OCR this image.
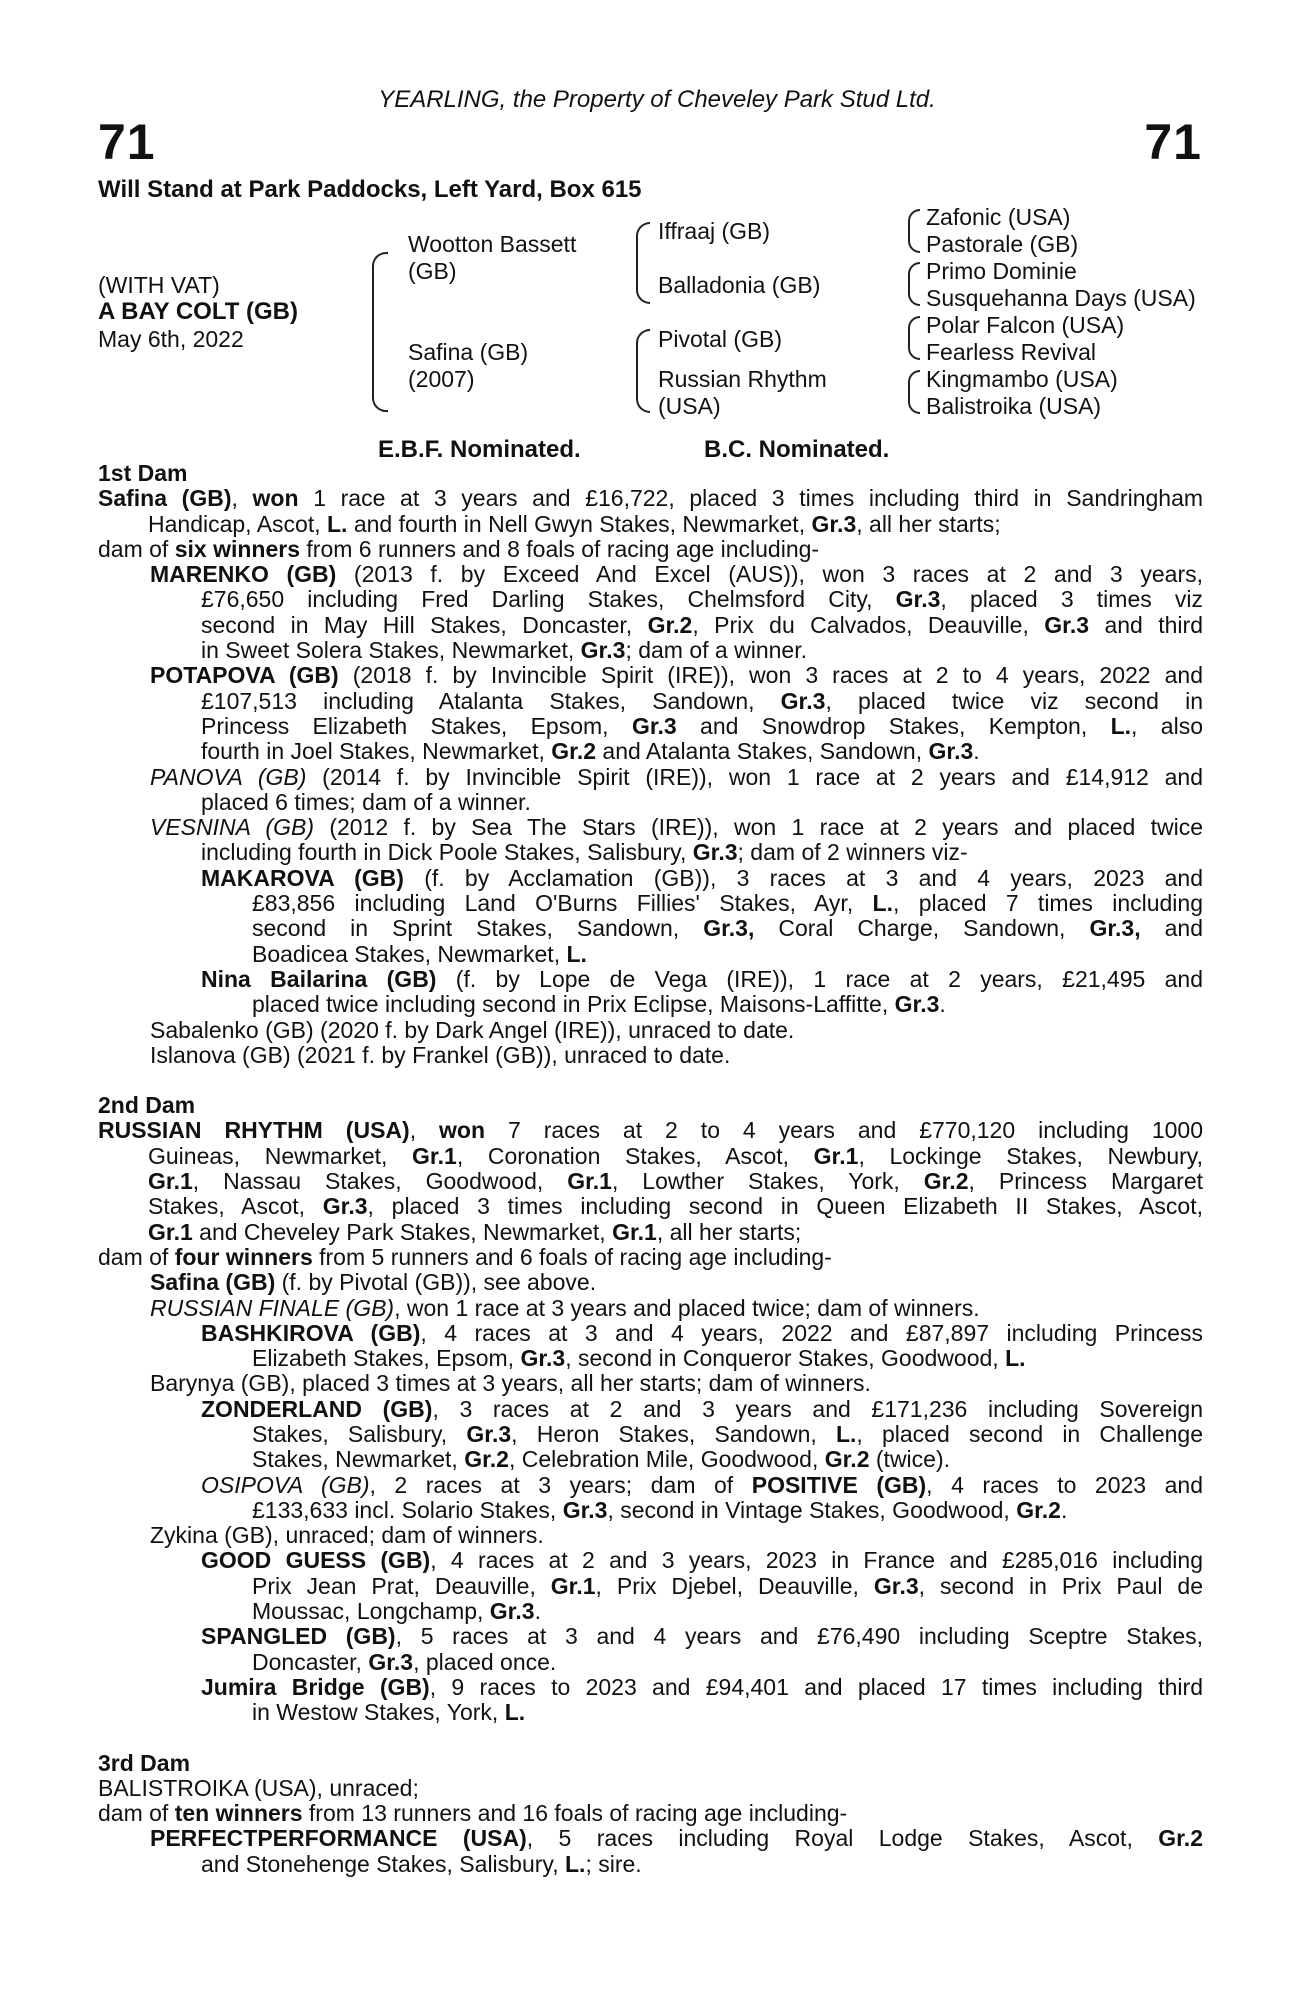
YEARLING, the Property of Cheveley Park Stud Ltd.
71	71
Will Stand at Park Paddocks, Left Yard, Box 615
(WITH VAT)
A BAY COLT (GB)
May 6th, 2022
Wootton Bassett
(GB)
Safina (GB)
(2007)
Iffraaj (GB)
Balladonia (GB)
Pivotal (GB)
Russian Rhythm
(USA)
Zafonic (USA)
Pastorale (GB)
Primo Dominie
Susquehanna Days (USA)
Polar Falcon (USA)
Fearless Revival
Kingmambo (USA)
Balistroika (USA)
E.B.F. Nominated.	B.C. Nominated.
1st Dam
Safina (GB), won 1 race at 3 years and £16,722, placed 3 times including third in Sandringham
Handicap, Ascot, L. and fourth in Nell Gwyn Stakes, Newmarket, Gr.3, all her starts;
dam of six winners from 6 runners and 8 foals of racing age including-
MARENKO (GB) (2013 f. by Exceed And Excel (AUS)), won 3 races at 2 and 3 years,
£76,650 including Fred Darling Stakes, Chelmsford City, Gr.3, placed 3 times viz
second in May Hill Stakes, Doncaster, Gr.2, Prix du Calvados, Deauville, Gr.3 and third
in Sweet Solera Stakes, Newmarket, Gr.3; dam of a winner.
POTAPOVA (GB) (2018 f. by Invincible Spirit (IRE)), won 3 races at 2 to 4 years, 2022 and
£107,513 including Atalanta Stakes, Sandown, Gr.3, placed twice viz second in
Princess Elizabeth Stakes, Epsom, Gr.3 and Snowdrop Stakes, Kempton, L., also
fourth in Joel Stakes, Newmarket, Gr.2 and Atalanta Stakes, Sandown, Gr.3.
PANOVA (GB) (2014 f. by Invincible Spirit (IRE)), won 1 race at 2 years and £14,912 and
placed 6 times; dam of a winner.
VESNINA (GB) (2012 f. by Sea The Stars (IRE)), won 1 race at 2 years and placed twice
including fourth in Dick Poole Stakes, Salisbury, Gr.3; dam of 2 winners viz-
MAKAROVA (GB) (f. by Acclamation (GB)), 3 races at 3 and 4 years, 2023 and
£83,856 including Land O'Burns Fillies' Stakes, Ayr, L., placed 7 times including
second in Sprint Stakes, Sandown, Gr.3, Coral Charge, Sandown, Gr.3, and
Boadicea Stakes, Newmarket, L.
Nina Bailarina (GB) (f. by Lope de Vega (IRE)), 1 race at 2 years, £21,495 and
placed twice including second in Prix Eclipse, Maisons-Laffitte, Gr.3.
Sabalenko (GB) (2020 f. by Dark Angel (IRE)), unraced to date.
Islanova (GB) (2021 f. by Frankel (GB)), unraced to date.
2nd Dam
RUSSIAN RHYTHM (USA), won 7 races at 2 to 4 years and £770,120 including 1000
Guineas, Newmarket, Gr.1, Coronation Stakes, Ascot, Gr.1, Lockinge Stakes, Newbury,
Gr.1, Nassau Stakes, Goodwood, Gr.1, Lowther Stakes, York, Gr.2, Princess Margaret
Stakes, Ascot, Gr.3, placed 3 times including second in Queen Elizabeth II Stakes, Ascot,
Gr.1 and Cheveley Park Stakes, Newmarket, Gr.1, all her starts;
dam of four winners from 5 runners and 6 foals of racing age including-
Safina (GB) (f. by Pivotal (GB)), see above.
RUSSIAN FINALE (GB), won 1 race at 3 years and placed twice; dam of winners.
BASHKIROVA (GB), 4 races at 3 and 4 years, 2022 and £87,897 including Princess
Elizabeth Stakes, Epsom, Gr.3, second in Conqueror Stakes, Goodwood, L.
Barynya (GB), placed 3 times at 3 years, all her starts; dam of winners.
ZONDERLAND (GB), 3 races at 2 and 3 years and £171,236 including Sovereign
Stakes, Salisbury, Gr.3, Heron Stakes, Sandown, L., placed second in Challenge
Stakes, Newmarket, Gr.2, Celebration Mile, Goodwood, Gr.2 (twice).
OSIPOVA (GB), 2 races at 3 years; dam of POSITIVE (GB), 4 races to 2023 and
£133,633 incl. Solario Stakes, Gr.3, second in Vintage Stakes, Goodwood, Gr.2.
Zykina (GB), unraced; dam of winners.
GOOD GUESS (GB), 4 races at 2 and 3 years, 2023 in France and £285,016 including
Prix Jean Prat, Deauville, Gr.1, Prix Djebel, Deauville, Gr.3, second in Prix Paul de
Moussac, Longchamp, Gr.3.
SPANGLED (GB), 5 races at 3 and 4 years and £76,490 including Sceptre Stakes,
Doncaster, Gr.3, placed once.
Jumira Bridge (GB), 9 races to 2023 and £94,401 and placed 17 times including third
in Westow Stakes, York, L.
3rd Dam
BALISTROIKA (USA), unraced;
dam of ten winners from 13 runners and 16 foals of racing age including-
PERFECTPERFORMANCE (USA), 5 races including Royal Lodge Stakes, Ascot, Gr.2
and Stonehenge Stakes, Salisbury, L.; sire.
